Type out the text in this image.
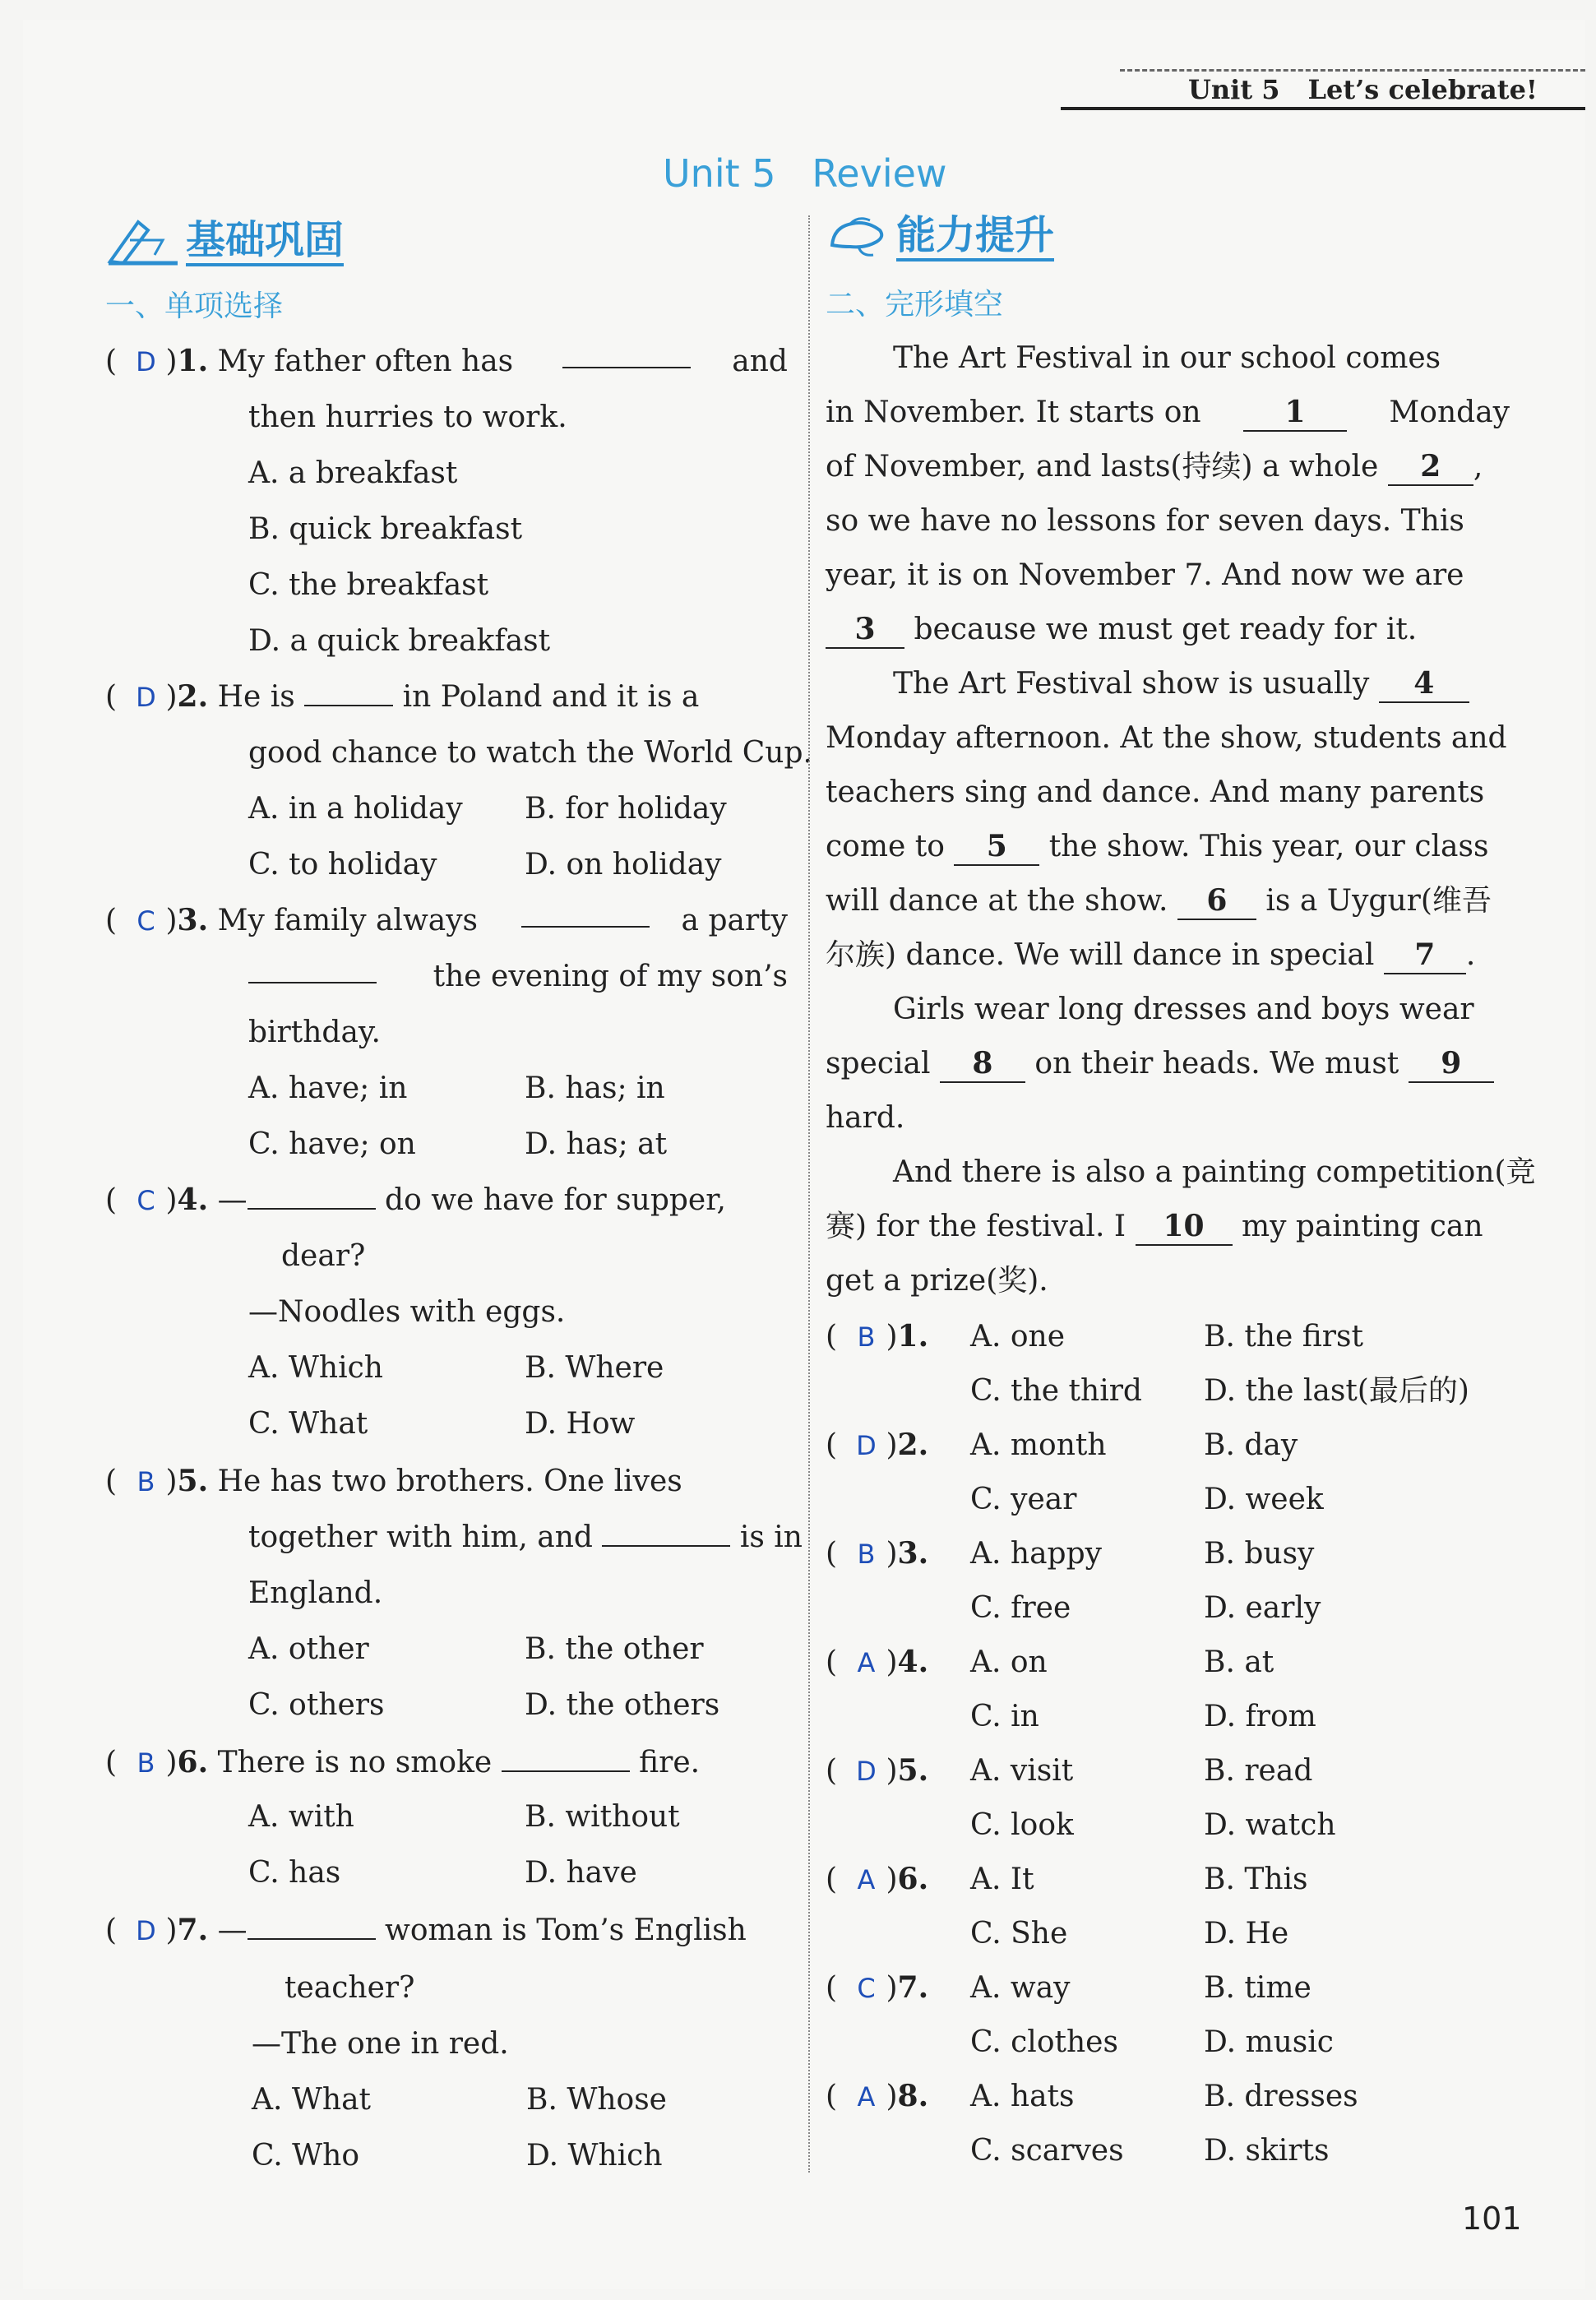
Unit 5 Let’s celebrate!
Unit 5 Review
基础巩固
一、单项选择
( D )1. My father often has	and
then hurries to work.
A. a breakfast
B. quick breakfast
C. the breakfast
D. a quick breakfast
( D )2. He is	in Poland and it is a
good chance to watch the World Cup.
A. in a holiday B. for holiday
C. to holiday	D. on holiday
( C )3. My family always	a party
the evening of my son’s
birthday.
A. have; in	B. has; in
C. have; on	D. has; at
( C )4. —	do we have for supper,
dear?
—Noodles with eggs.
A. Which	B. Where
C. What	D. How
( B )5. He has two brothers. One lives
together with him, and	is in
England.
A. other	B. the other
C. others	D. the others
( B )6. There is no smoke	fire.
A. with	B. without
C. has	D. have
( D )7. —	woman is Tom’s English
teacher?
—The one in red.
A. What	B. Whose
C. Who	D. Which
能力提升
二、完形填空
The Art Festival in our school comes
in November. It starts on	1	Monday
of November, and lasts(持续) a whole 2 ,
so we have no lessons for seven days. This
year, it is on November 7. And now we are
3 because we must get ready for it.
The Art Festival show is usually 4
Monday afternoon. At the show, students and
teachers sing and dance. And many parents
come to 5 the show. This year, our class
will dance at the show. 6 is a Uygur(维吾
尔族) dance. We will dance in special 7 .
Girls wear long dresses and boys wear
special 8 on their heads. We must 9
hard.
And there is also a painting competition(竞
赛) for the festival. I 10 my painting can
get a prize(奖).
( B )1. A. one	B. the first
C. the third D. the last(最后的)
( D )2. A. month	B. day
C. year	D. week
( B )3. A. happy	B. busy
C. free	D. early
( A )4. A. on	B. at
C. in	D. from
( D )5. A. visit	B. read
C. look	D. watch
( A )6. A. It	B. This
C. She	D. He
( C )7. A. way	B. time
C. clothes	D. music
( A )8. A. hats	B. dresses
C. scarves	D. skirts
101
